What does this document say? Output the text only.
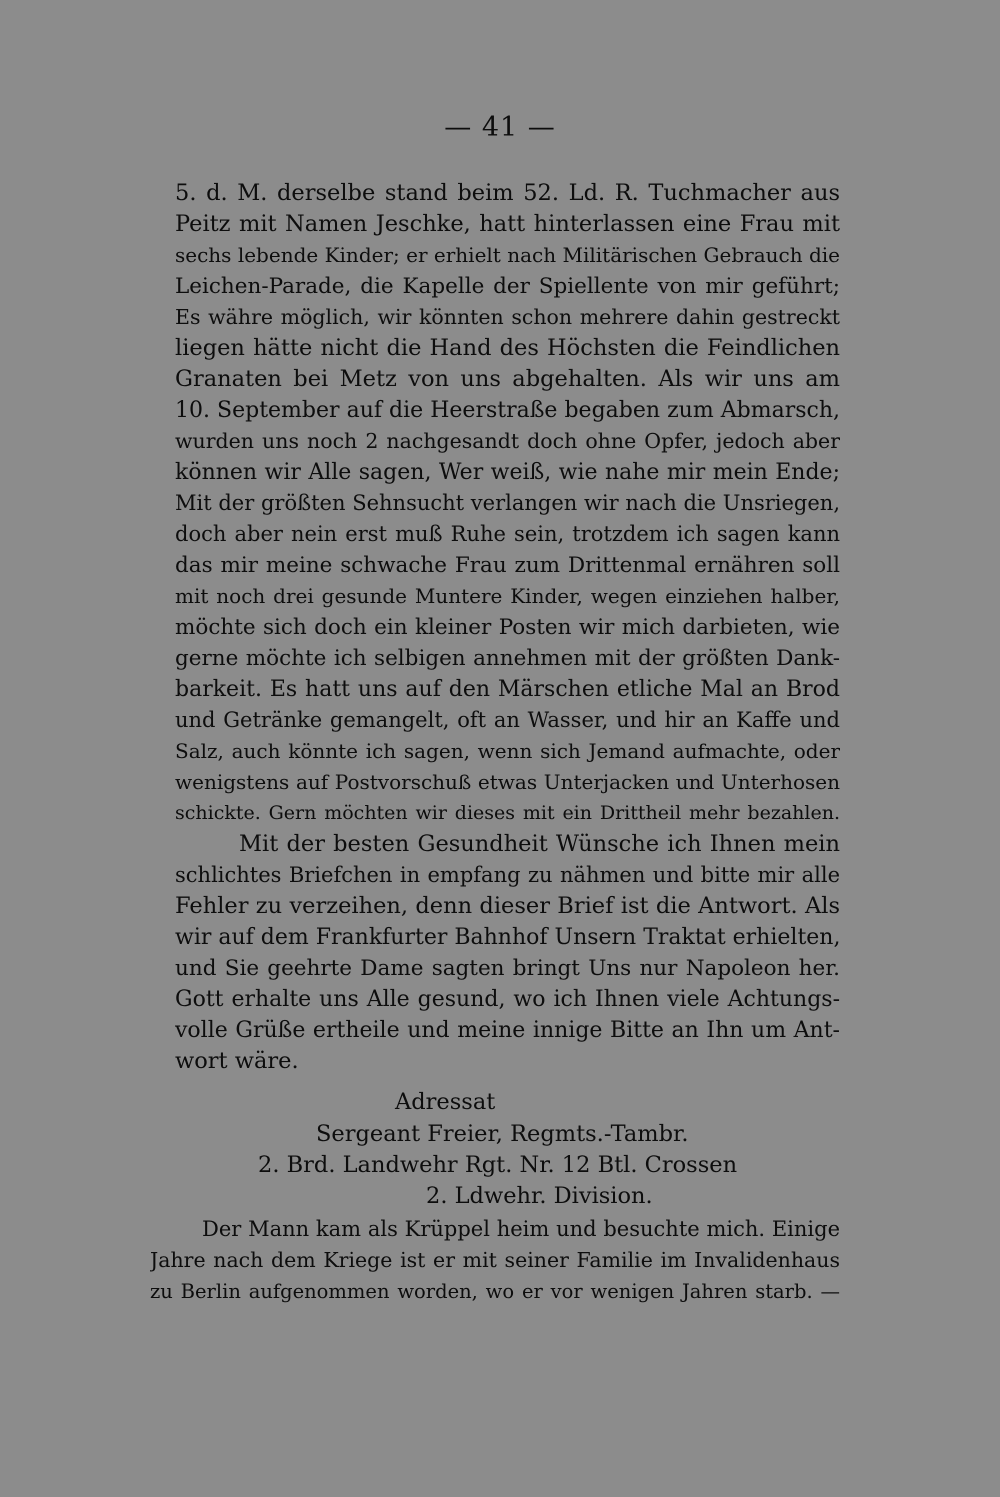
— 41 —
5. d. M. derselbe stand beim 52. Ld. R. Tuchmacher aus
Peitz mit Namen Jeschke, hatt hinterlassen eine Frau mit
sechs lebende Kinder; er erhielt nach Militärischen Gebrauch die
Leichen-Parade, die Kapelle der Spiellente von mir geführt;
Es währe möglich, wir könnten schon mehrere dahin gestreckt
liegen hätte nicht die Hand des Höchsten die Feindlichen
Granaten bei Metz von uns abgehalten. Als wir uns am
10. September auf die Heerstraße begaben zum Abmarsch,
wurden uns noch 2 nachgesandt doch ohne Opfer, jedoch aber
können wir Alle sagen, Wer weiß, wie nahe mir mein Ende;
Mit der größten Sehnsucht verlangen wir nach die Unsriegen,
doch aber nein erst muß Ruhe sein, trotzdem ich sagen kann
das mir meine schwache Frau zum Drittenmal ernähren soll
mit noch drei gesunde Muntere Kinder, wegen einziehen halber,
möchte sich doch ein kleiner Posten wir mich darbieten, wie
gerne möchte ich selbigen annehmen mit der größten Dank-
barkeit. Es hatt uns auf den Märschen etliche Mal an Brod
und Getränke gemangelt, oft an Wasser, und hir an Kaffe und
Salz, auch könnte ich sagen, wenn sich Jemand aufmachte, oder
wenigstens auf Postvorschuß etwas Unterjacken und Unterhosen
schickte. Gern möchten wir dieses mit ein Drittheil mehr bezahlen.
Mit der besten Gesundheit Wünsche ich Ihnen mein
schlichtes Briefchen in empfang zu nähmen und bitte mir alle
Fehler zu verzeihen, denn dieser Brief ist die Antwort. Als
wir auf dem Frankfurter Bahnhof Unsern Traktat erhielten,
und Sie geehrte Dame sagten bringt Uns nur Napoleon her.
Gott erhalte uns Alle gesund, wo ich Ihnen viele Achtungs-
volle Grüße ertheile und meine innige Bitte an Ihn um Ant-
wort wäre.
Adressat
Sergeant Freier, Regmts.-Tambr.
2. Brd. Landwehr Rgt. Nr. 12 Btl. Crossen
2. Ldwehr. Division.
Der Mann kam als Krüppel heim und besuchte mich. Einige
Jahre nach dem Kriege ist er mit seiner Familie im Invalidenhaus
zu Berlin aufgenommen worden, wo er vor wenigen Jahren starb. —
